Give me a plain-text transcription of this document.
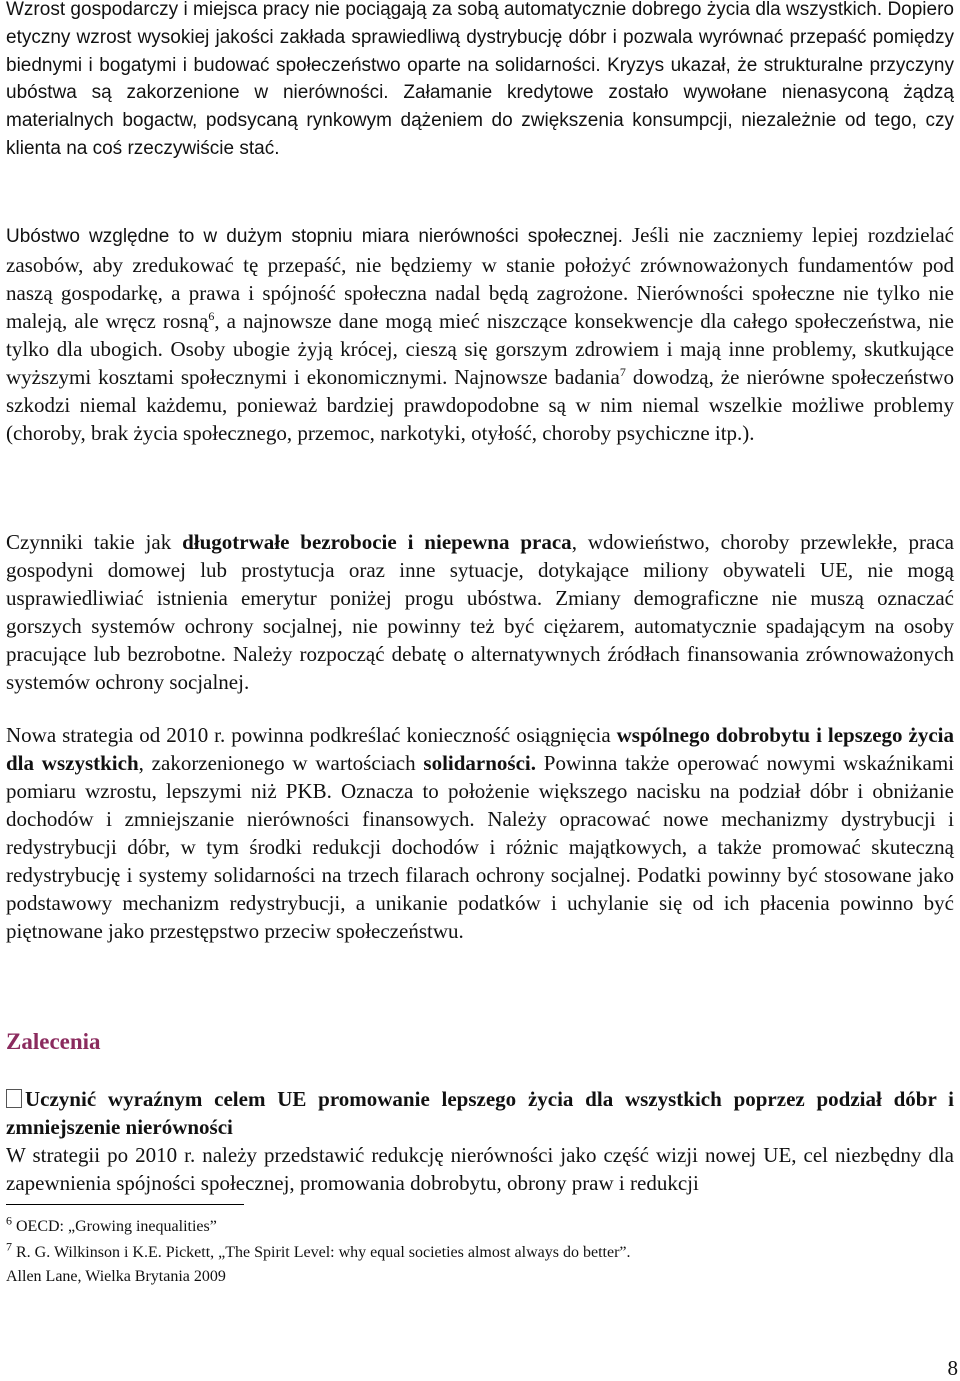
Wzrost gospodarczy i miejsca pracy nie pociągają za sobą automatycznie dobrego życia dla wszystkich. Dopiero etyczny wzrost wysokiej jakości zakłada sprawiedliwą dystrybucję dóbr i pozwala wyrównać przepaść pomiędzy biednymi i bogatymi i budować społeczeństwo oparte na solidarności. Kryzys ukazał, że strukturalne przyczyny ubóstwa są zakorzenione w nierówności. Załamanie kredytowe zostało wywołane nienasyconą żądzą materialnych bogactw, podsycaną rynkowym dążeniem do zwiększenia konsumpcji, niezależnie od tego, czy klienta na coś rzeczywiście stać.

Ubóstwo względne to w dużym stopniu miara nierówności społecznej. Jeśli nie zaczniemy lepiej rozdzielać zasobów, aby zredukować tę przepaść, nie będziemy w stanie położyć zrównoważonych fundamentów pod naszą gospodarkę, a prawa i spójność społeczna nadal będą zagrożone. Nierówności społeczne nie tylko nie maleją, ale wręcz rosną$^6$, a najnowsze dane mogą mieć niszczące konsekwencje dla całego społeczeństwa, nie tylko dla ubogich. Osoby ubogie żyją krócej, cieszą się gorszym zdrowiem i mają inne problemy, skutkujące wyższymi kosztami społecznymi i ekonomicznymi. Najnowsze badania$^7$ dowodzą, że nierówne społeczeństwo szkodzi niemal każdemu, ponieważ bardziej prawdopodobne są w nim niemal wszelkie możliwe problemy (choroby, brak życia społecznego, przemoc, narkotyki, otyłość, choroby psychiczne itp.).

Czynniki takie jak długotrwałe bezrobocie i niepewna praca, wdowieństwo, choroby przewlekłe, praca gospodyni domowej lub prostytucja oraz inne sytuacje, dotykające miliony obywateli UE, nie mogą usprawiedliwiać istnienia emerytur poniżej progu ubóstwa. Zmiany demograficzne nie muszą oznaczać gorszych systemów ochrony socjalnej, nie powinny też być ciężarem, automatycznie spadającym na osoby pracujące lub bezrobotne. Należy rozpocząć debatę o alternatywnych źródłach finansowania zrównoważonych systemów ochrony socjalnej.

Nowa strategia od 2010 r. powinna podkreślać konieczność osiągnięcia wspólnego dobrobytu i lepszego życia dla wszystkich, zakorzenionego w wartościach solidarności. Powinna także operować nowymi wskaźnikami pomiaru wzrostu, lepszymi niż PKB. Oznacza to położenie większego nacisku na podział dóbr i obniżanie dochodów i zmniejszanie nierówności finansowych. Należy opracować nowe mechanizmy dystrybucji i redystrybucji dóbr, w tym środki redukcji dochodów i różnic majątkowych, a także promować skuteczną redystrybucję i systemy solidarności na trzech filarach ochrony socjalnej. Podatki powinny być stosowane jako podstawowy mechanizm redystrybucji, a unikanie podatków i uchylanie się od ich płacenia powinno być piętnowane jako przestępstwo przeciw społeczeństwu.

Zalecenia

Uczynić wyraźnym celem UE promowanie lepszego życia dla wszystkich poprzez podział dóbr i zmniejszenie nierówności

W strategii po 2010 r. należy przedstawić redukcję nierówności jako część wizji nowej UE, cel niezbędny dla zapewnienia spójności społecznej, promowania dobrobytu, obrony praw i redukcji

$^6$ OECD: „Growing inequalities”

$^7$ R. G. Wilkinson i K.E. Pickett, „The Spirit Level: why equal societies almost always do better”.

Allen Lane, Wielka Brytania 2009

8
